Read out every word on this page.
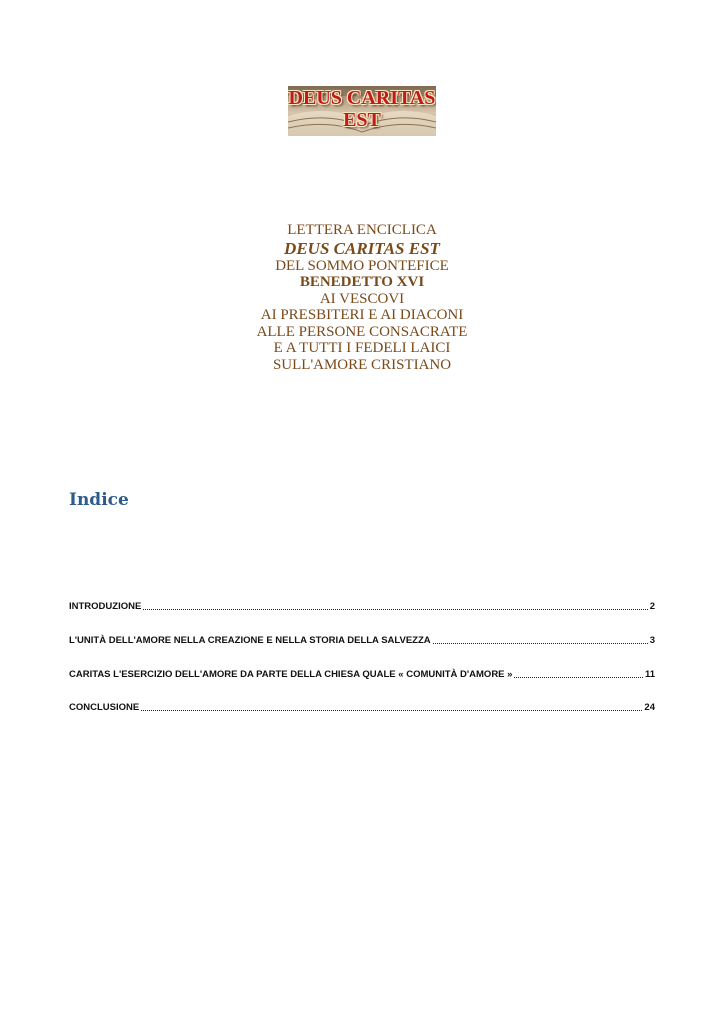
DEUS CARITAS
EST
LETTERA ENCICLICA
DEUS CARITAS EST
DEL SOMMO PONTEFICE
BENEDETTO XVI
AI VESCOVI
AI PRESBITERI E AI DIACONI
ALLE PERSONE CONSACRATE
E A TUTTI I FEDELI LAICI
SULL'AMORE CRISTIANO
Indice
INTRODUZIONE	2
L'UNITÀ DELL'AMORE NELLA CREAZIONE E NELLA STORIA DELLA SALVEZZA	3
CARITAS L'ESERCIZIO DELL'AMORE DA PARTE DELLA CHIESA QUALE « COMUNITÀ D'AMORE »	11
CONCLUSIONE	24
